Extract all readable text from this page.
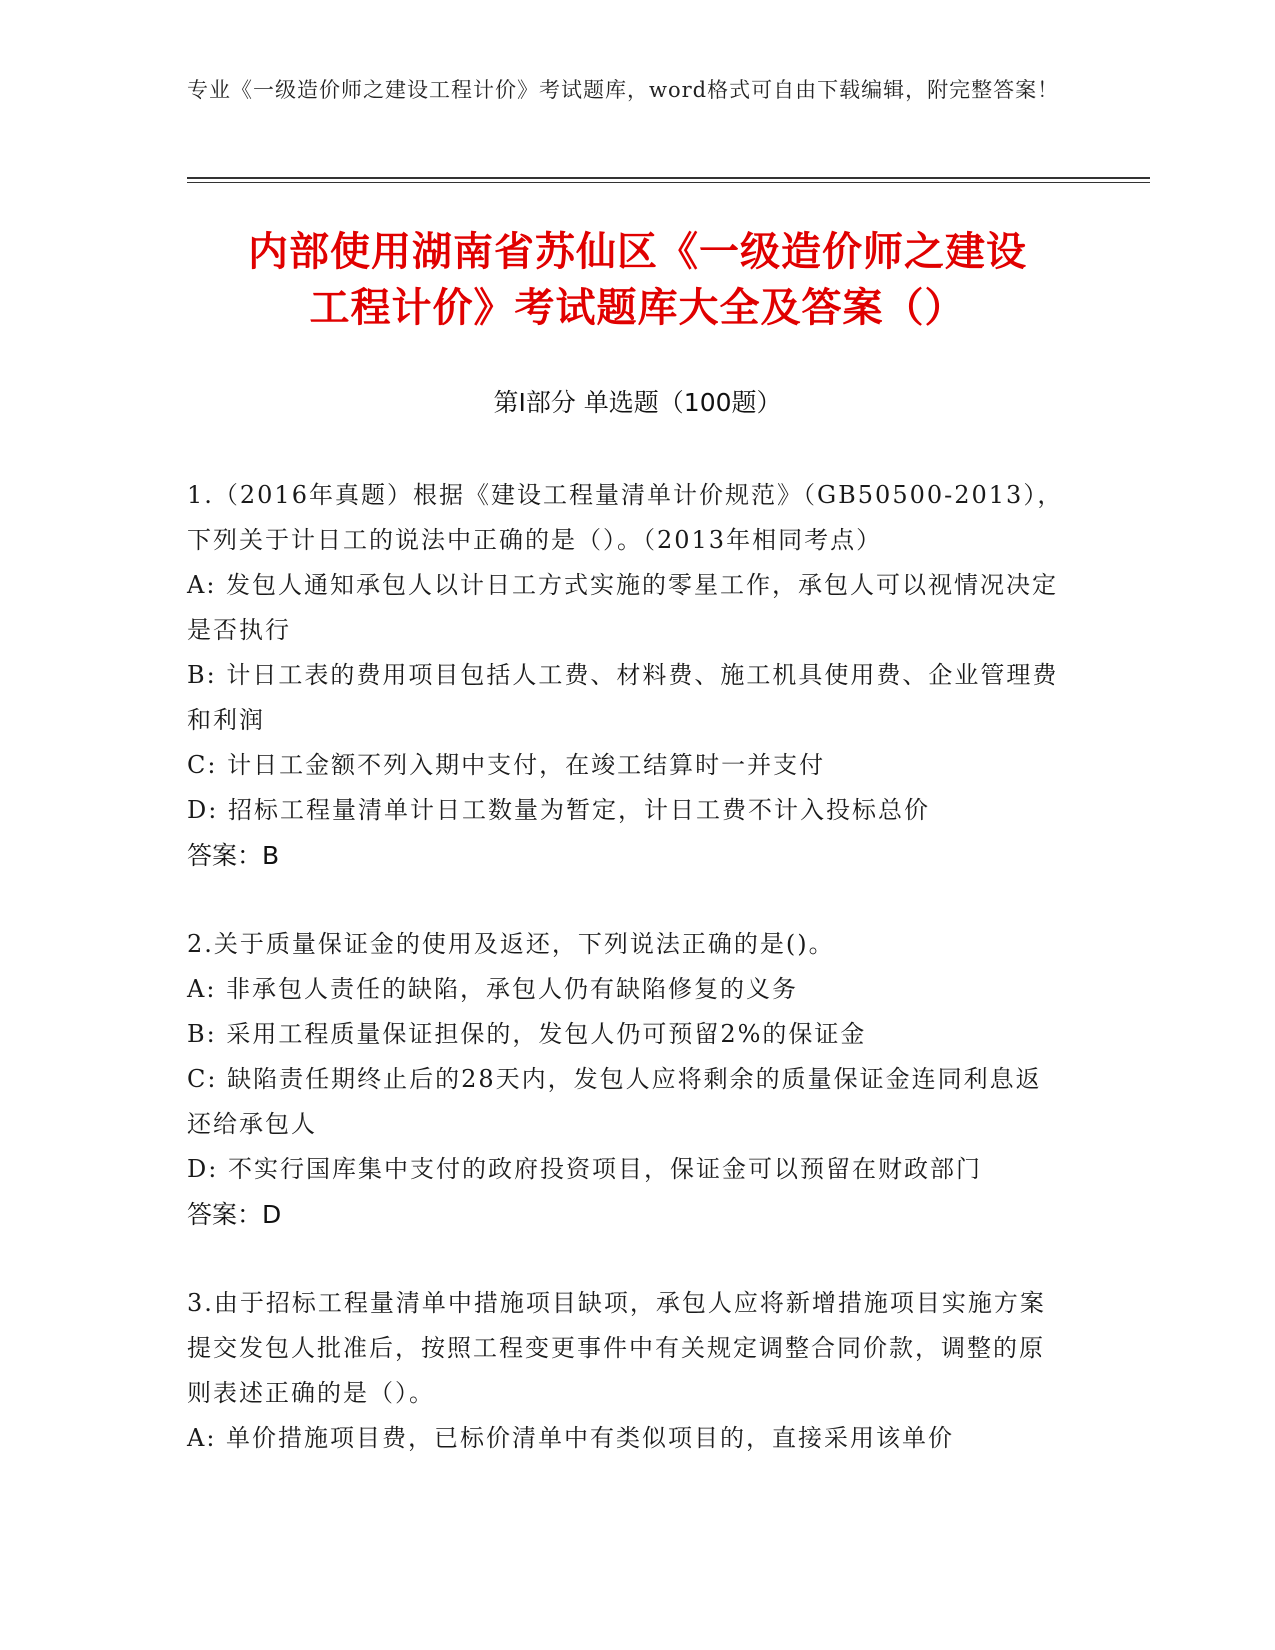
专业《一级造价师之建设工程计价》考试题库，word格式可自由下载编辑，附完整答案！
内部使用湖南省苏仙区《一级造价师之建设
工程计价》考试题库大全及答案（）
第I部分 单选题（100题）
1.（2016年真题）根据《建设工程量清单计价规范》（GB50500-2013），下列关于计日工的说法中正确的是（）。（2013年相同考点）
A: 发包人通知承包人以计日工方式实施的零星工作，承包人可以视情况决定是否执行
B: 计日工表的费用项目包括人工费、材料费、施工机具使用费、企业管理费和利润
C: 计日工金额不列入期中支付，在竣工结算时一并支付
D: 招标工程量清单计日工数量为暂定，计日工费不计入投标总价
答案：B
2.关于质量保证金的使用及返还，下列说法正确的是()。
A: 非承包人责任的缺陷，承包人仍有缺陷修复的义务
B: 采用工程质量保证担保的，发包人仍可预留2%的保证金
C: 缺陷责任期终止后的28天内，发包人应将剩余的质量保证金连同利息返还给承包人
D: 不实行国库集中支付的政府投资项目，保证金可以预留在财政部门
答案：D
3.由于招标工程量清单中措施项目缺项，承包人应将新增措施项目实施方案提交发包人批准后，按照工程变更事件中有关规定调整合同价款，调整的原则表述正确的是（）。
A: 单价措施项目费，已标价清单中有类似项目的，直接采用该单价
